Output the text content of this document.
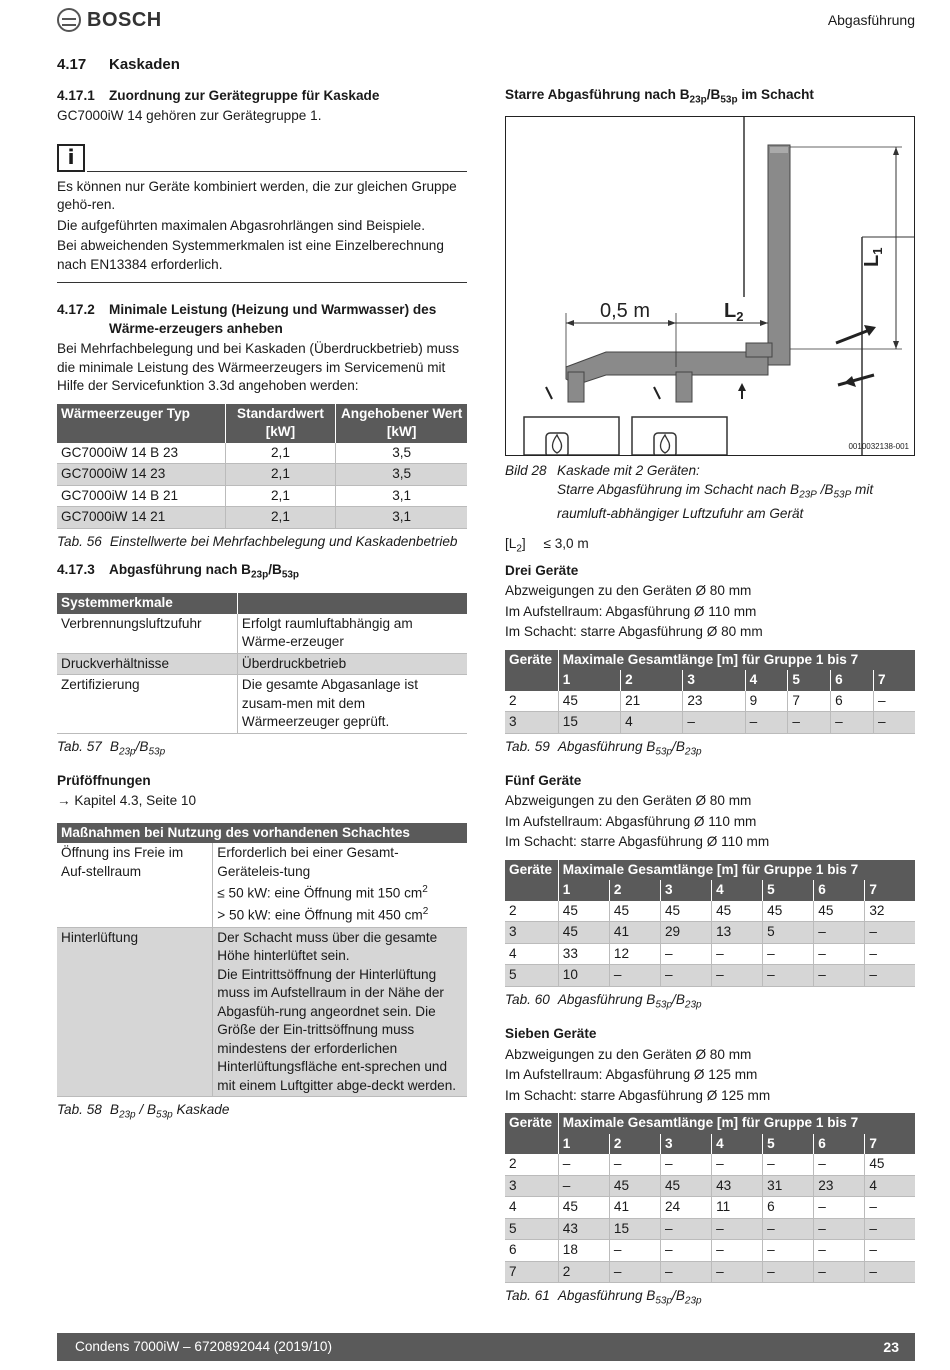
BOSCH	Abgasführung
4.17	Kaskaden
4.17.1	Zuordnung zur Gerätegruppe für Kaskade

GC7000iW 14 gehören zur Gerätegruppe 1.

i

Es können nur Geräte kombiniert werden, die zur gleichen Gruppe gehö-ren.

Die aufgeführten maximalen Abgasrohrlängen sind Beispiele.

Bei abweichenden Systemmerkmalen ist eine Einzelberechnung nach EN13384 erforderlich.

4.17.2	Minimale Leistung (Heizung und Warmwasser) des Wärme-erzeugers anheben

Bei Mehrfachbelegung und bei Kaskaden (Überdruckbetrieb) muss die minimale Leistung des Wärmeerzeugers im Servicemenü mit Hilfe der Servicefunktion 3.3d angehoben werden:

Wärmeerzeuger Typ	Standardwert [kW]	Angehobener Wert [kW]
GC7000iW 14 B 23	2,1	3,5
GC7000iW 14 23	2,1	3,5
GC7000iW 14 B 21	2,1	3,1
GC7000iW 14 21	2,1	3,1
Tab. 56 Einstellwerte bei Mehrfachbelegung und Kaskadenbetrieb
4.17.3	Abgasführung nach $B_{23p}/B_{53p}$
Systemmerkmale	
Verbrennungsluftzufuhr	Erfolgt raumluftabhängig am Wärme-erzeuger
Druckverhältnisse	Überdruckbetrieb
Zertifizierung	Die gesamte Abgasanlage ist zusam-men mit dem Wärmeerzeuger geprüft.
Tab. 57 $B_{23p}/B_{53p}$
Prüföffnungen

→ Kapitel 4.3, Seite 10

Maßnahmen bei Nutzung des vorhandenen Schachtes	
Öffnung ins Freie im Auf-stellraum	Erforderlich bei einer Gesamt-Geräteleis-tung
≤ 50 kW: eine Öffnung mit 150 $cm^2$
> 50 kW: eine Öffnung mit 450 $cm^2$

Hinterlüftung	Der Schacht muss über die gesamte Höhe hinterlüftet sein.
Die Eintrittsöffnung der Hinterlüftung muss im Aufstellraum in der Nähe der Abgasfüh-rung angeordnet sein. Die Größe der Ein-trittsöffnung muss mindestens der erforderlichen Hinterlüftungsfläche ent-sprechen und mit einem Luftgitter abge-deckt werden.
Tab. 58 $B_{23p} / B_{53p}$ Kaskade
Starre Abgasführung nach $B_{23p}/B_{53p}$ im Schacht
0,5 m	$L_2$
$L_1$
0010032138-001
Bild 28 Kaskade mit 2 Geräten:
Starre Abgasführung im Schacht nach $B_{23P}$ $/B_{53P}$ mit raumluft-abhängiger Luftzufuhr am Gerät

$[L_2] \le 3,0$ m

Drei Geräte

Abzweigungen zu den Geräten Ø 80 mm

Im Aufstellraum: Abgasführung Ø 110 mm

Im Schacht: starre Abgasführung Ø 80 mm

Geräte	Maximale Gesamtlänge [m] für Gruppe 1 bis 7						
	1	2	3	4	5	6	7
2	45	21	23	9	7	6	–
3	15	4	–	–	–	–	–
Tab. 59 Abgasführung $B_{53p}/B_{23p}$
Fünf Geräte

Abzweigungen zu den Geräten Ø 80 mm

Im Aufstellraum: Abgasführung Ø 110 mm

Im Schacht: starre Abgasführung Ø 110 mm

Geräte	Maximale Gesamtlänge [m] für Gruppe 1 bis 7						
	1	2	3	4	5	6	7
2	45	45	45	45	45	45	32
3	45	41	29	13	5	–	–
4	33	12	–	–	–	–	–
5	10	–	–	–	–	–	–
Tab. 60 Abgasführung $B_{53p}/B_{23p}$
Sieben Geräte

Abzweigungen zu den Geräten Ø 80 mm

Im Aufstellraum: Abgasführung Ø 125 mm

Im Schacht: starre Abgasführung Ø 125 mm

Geräte	Maximale Gesamtlänge [m] für Gruppe 1 bis 7						
	1	2	3	4	5	6	7
2	–	–	–	–	–	–	45
3	–	45	45	43	31	23	4
4	45	41	24	11	6	–	–
5	43	15	–	–	–	–	–
6	18	–	–	–	–	–	–
7	2	–	–	–	–	–	–
Tab. 61 Abgasführung $B_{53p}/B_{23p}$
Condens 7000iW – 6720892044 (2019/10)	23
